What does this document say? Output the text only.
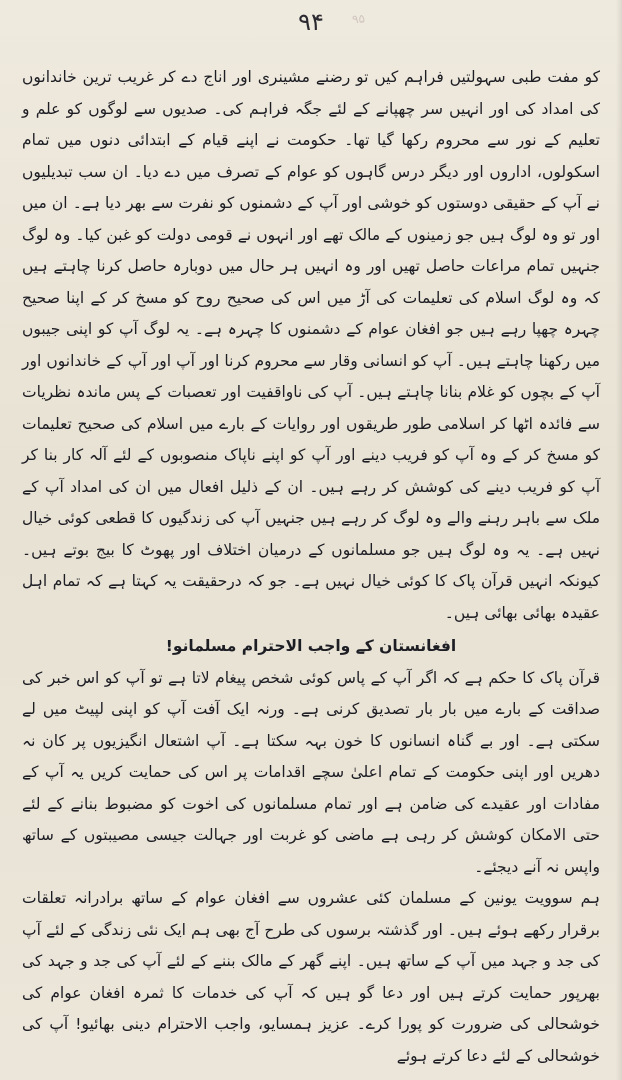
۹۵
۹۴

کو مفت طبی سہولتیں فراہم کیں تو رضنے مشینری اور اناج دے کر غریب ترین خاندانوں کی امداد کی اور انہیں سر چھپانے کے لئے جگہ فراہم کی۔ صدیوں سے لوگوں کو علم و تعلیم کے نور سے محروم رکھا گیا تھا۔ حکومت نے اپنے قیام کے ابتدائی دنوں میں تمام اسکولوں، اداروں اور دیگر درس گاہوں کو عوام کے تصرف میں دے دیا۔ ان سب تبدیلیوں نے آپ کے حقیقی دوستوں کو خوشی اور آپ کے دشمنوں کو نفرت سے بھر دیا ہے۔ ان میں اور تو وہ لوگ ہیں جو زمینوں کے مالک تھے اور انہوں نے قومی دولت کو غبن کیا۔ وہ لوگ جنہیں تمام مراعات حاصل تھیں اور وہ انہیں ہر حال میں دوبارہ حاصل کرنا چاہتے ہیں کہ وہ لوگ اسلام کی تعلیمات کی آڑ میں اس کی صحیح روح کو مسخ کر کے اپنا صحیح چہرہ چھپا رہے ہیں جو افغان عوام کے دشمنوں کا چہرہ ہے۔ یہ لوگ آپ کو اپنی جیبوں میں رکھنا چاہتے ہیں۔ آپ کو انسانی وقار سے محروم کرنا اور آپ اور آپ کے خاندانوں اور آپ کے بچوں کو غلام بنانا چاہتے ہیں۔ آپ کی ناواقفیت اور تعصبات کے پس ماندہ نظریات سے فائدہ اٹھا کر اسلامی طور طریقوں اور روایات کے بارے میں اسلام کی صحیح تعلیمات کو مسخ کر کے وہ آپ کو فریب دینے اور آپ کو اپنے ناپاک منصوبوں کے لئے آلہ کار بنا کر آپ کو فریب دینے کی کوشش کر رہے ہیں۔ ان کے ذلیل افعال میں ان کی امداد آپ کے ملک سے باہر رہنے والے وہ لوگ کر رہے ہیں جنہیں آپ کی زندگیوں کا قطعی کوئی خیال نہیں ہے۔ یہ وہ لوگ ہیں جو مسلمانوں کے درمیان اختلاف اور پھوٹ کا بیج بوتے ہیں۔ کیونکہ انہیں قرآن پاک کا کوئی خیال نہیں ہے۔ جو کہ درحقیقت یہ کہتا ہے کہ تمام اہل عقیدہ بھائی بھائی ہیں۔

افغانستان کے واجب الاحترام مسلمانو!

قرآن پاک کا حکم ہے کہ اگر آپ کے پاس کوئی شخص پیغام لاتا ہے تو آپ کو اس خبر کی صداقت کے بارے میں بار بار تصدیق کرنی ہے۔ ورنہ ایک آفت آپ کو اپنی لپیٹ میں لے سکتی ہے۔ اور بے گناہ انسانوں کا خون بہہ سکتا ہے۔ آپ اشتعال انگیزیوں پر کان نہ دھریں اور اپنی حکومت کے تمام اعلیٰ سچے اقدامات پر اس کی حمایت کریں یہ آپ کے مفادات اور عقیدے کی ضامن ہے اور تمام مسلمانوں کی اخوت کو مضبوط بنانے کے لئے حتی الامکان کوشش کر رہی ہے ماضی کو غربت اور جہالت جیسی مصیبتوں کے ساتھ واپس نہ آنے دیجئے۔

ہم سوویت یونین کے مسلمان کئی عشروں سے افغان عوام کے ساتھ برادرانہ تعلقات برقرار رکھے ہوئے ہیں۔ اور گذشتہ برسوں کی طرح آج بھی ہم ایک نئی زندگی کے لئے آپ کی جد و جہد میں آپ کے ساتھ ہیں۔ اپنے گھر کے مالک بننے کے لئے آپ کی جد و جہد کی بھرپور حمایت کرتے ہیں اور دعا گو ہیں کہ آپ کی خدمات کا ثمرہ افغان عوام کی خوشحالی کی ضرورت کو پورا کرے۔ عزیز ہمسایو، واجب الاحترام دینی بھائیو! آپ کی خوشحالی کے لئے دعا کرتے ہوئے
